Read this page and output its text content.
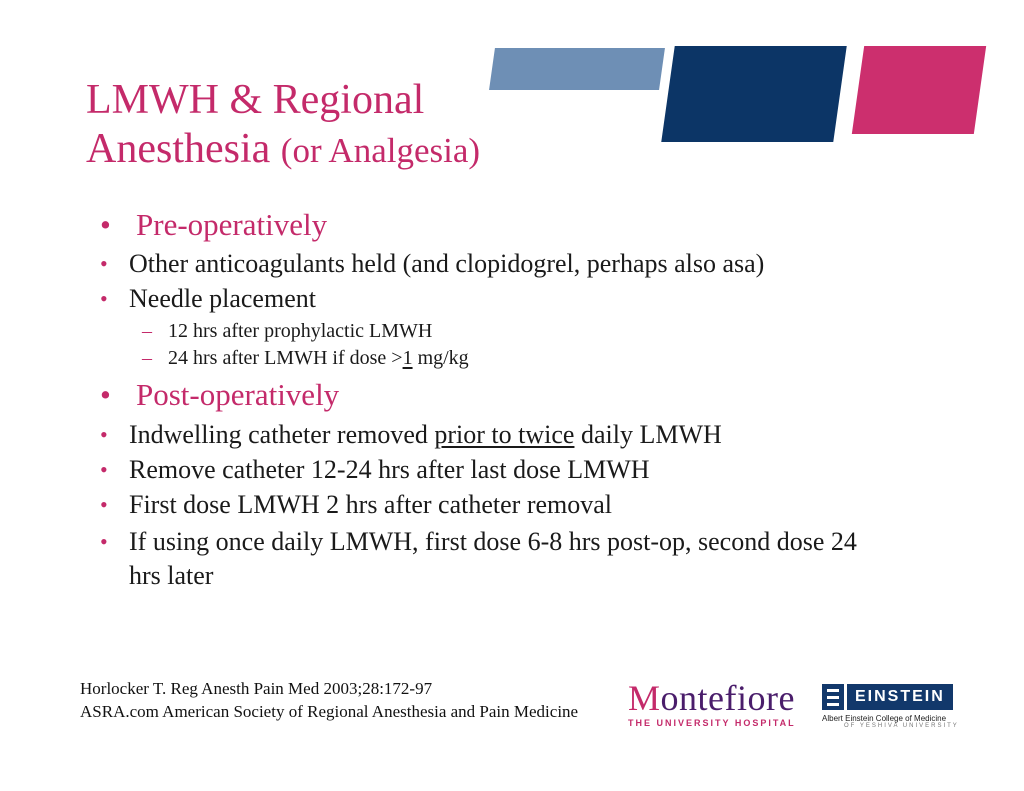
LMWH & Regional
Anesthesia (or Analgesia)
• Pre-operatively
• Other anticoagulants held (and clopidogrel, perhaps also asa)
• Needle placement
– 12 hrs after prophylactic LMWH
– 24 hrs after LMWH if dose >1 mg/kg
• Post-operatively
• Indwelling catheter removed prior to twice daily LMWH
• Remove catheter 12-24 hrs after last dose LMWH
• First dose LMWH 2 hrs after catheter removal
• If using once daily LMWH, first dose 6-8 hrs post-op, second dose 24 hrs later
Horlocker T. Reg Anesth Pain Med 2003;28:172-97
ASRA.com American Society of Regional Anesthesia and Pain Medicine Montefiore
THE UNIVERSITY HOSPITAL
EINSTEIN
Albert Einstein College of Medicine
OF YESHIVA UNIVERSITY
